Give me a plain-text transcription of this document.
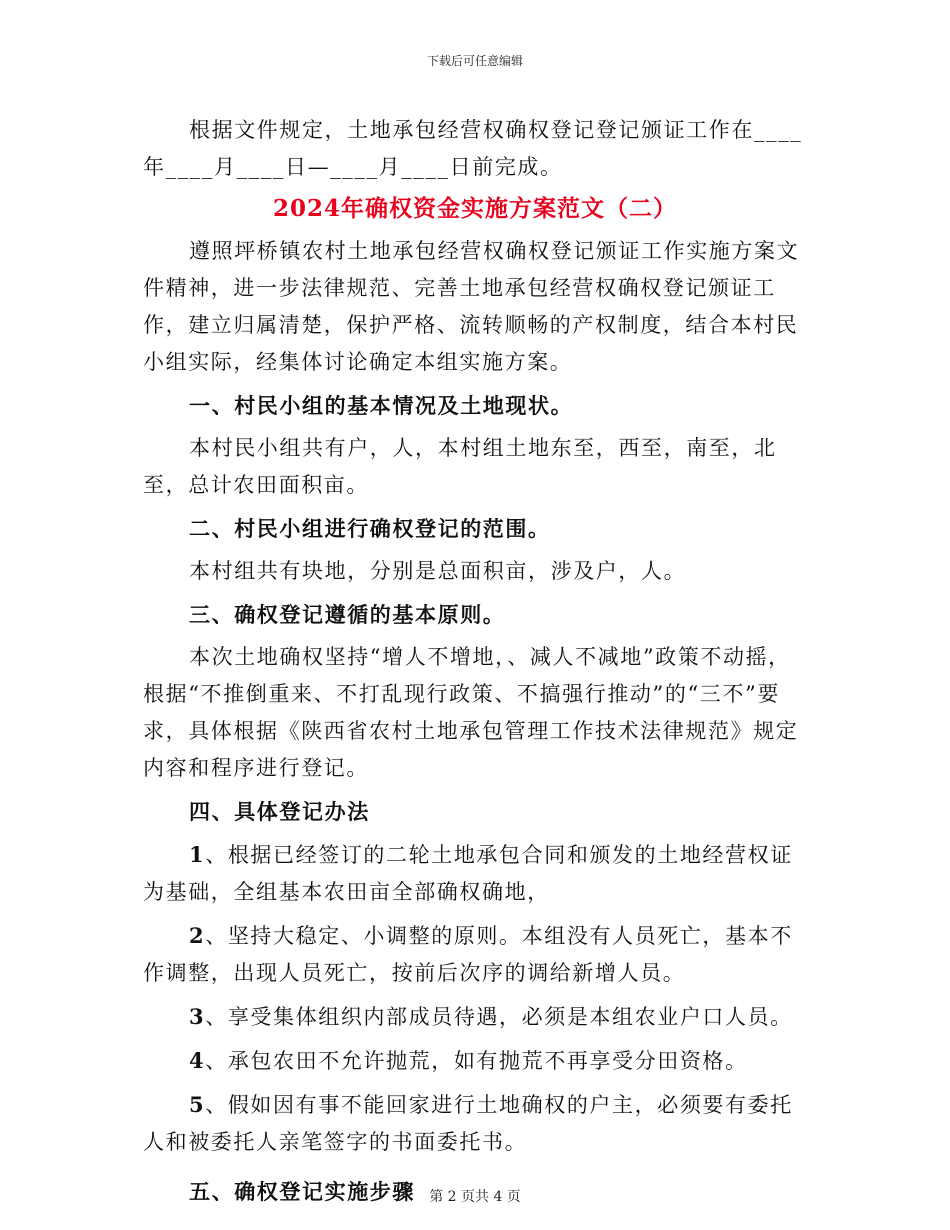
下载后可任意编辑

根据文件规定，土地承包经营权确权登记登记颁证工作在____年____月____日—____月____日前完成。

2024年确权资金实施方案范文（二）

遵照坪桥镇农村土地承包经营权确权登记颁证工作实施方案文件精神，进一步法律规范、完善土地承包经营权确权登记颁证工作，建立归属清楚，保护严格、流转顺畅的产权制度，结合本村民小组实际，经集体讨论确定本组实施方案。

一、村民小组的基本情况及土地现状。

本村民小组共有户，人，本村组土地东至，西至，南至，北至，总计农田面积亩。

二、村民小组进行确权登记的范围。

本村组共有块地，分别是总面积亩，涉及户，人。

三、确权登记遵循的基本原则。

本次土地确权坚持“增人不增地，、减人不减地”政策不动摇，根据“不推倒重来、不打乱现行政策、不搞强行推动”的“三不”要求，具体根据《陕西省农村土地承包管理工作技术法律规范》规定内容和程序进行登记。

四、具体登记办法

1、根据已经签订的二轮土地承包合同和颁发的土地经营权证为基础，全组基本农田亩全部确权确地，

2、坚持大稳定、小调整的原则。本组没有人员死亡，基本不作调整，出现人员死亡，按前后次序的调给新增人员。

3、享受集体组织内部成员待遇，必须是本组农业户口人员。

4、承包农田不允许抛荒，如有抛荒不再享受分田资格。

5、假如因有事不能回家进行土地确权的户主，必须要有委托人和被委托人亲笔签字的书面委托书。

五、确权登记实施步骤	第 2 页共 4 页
